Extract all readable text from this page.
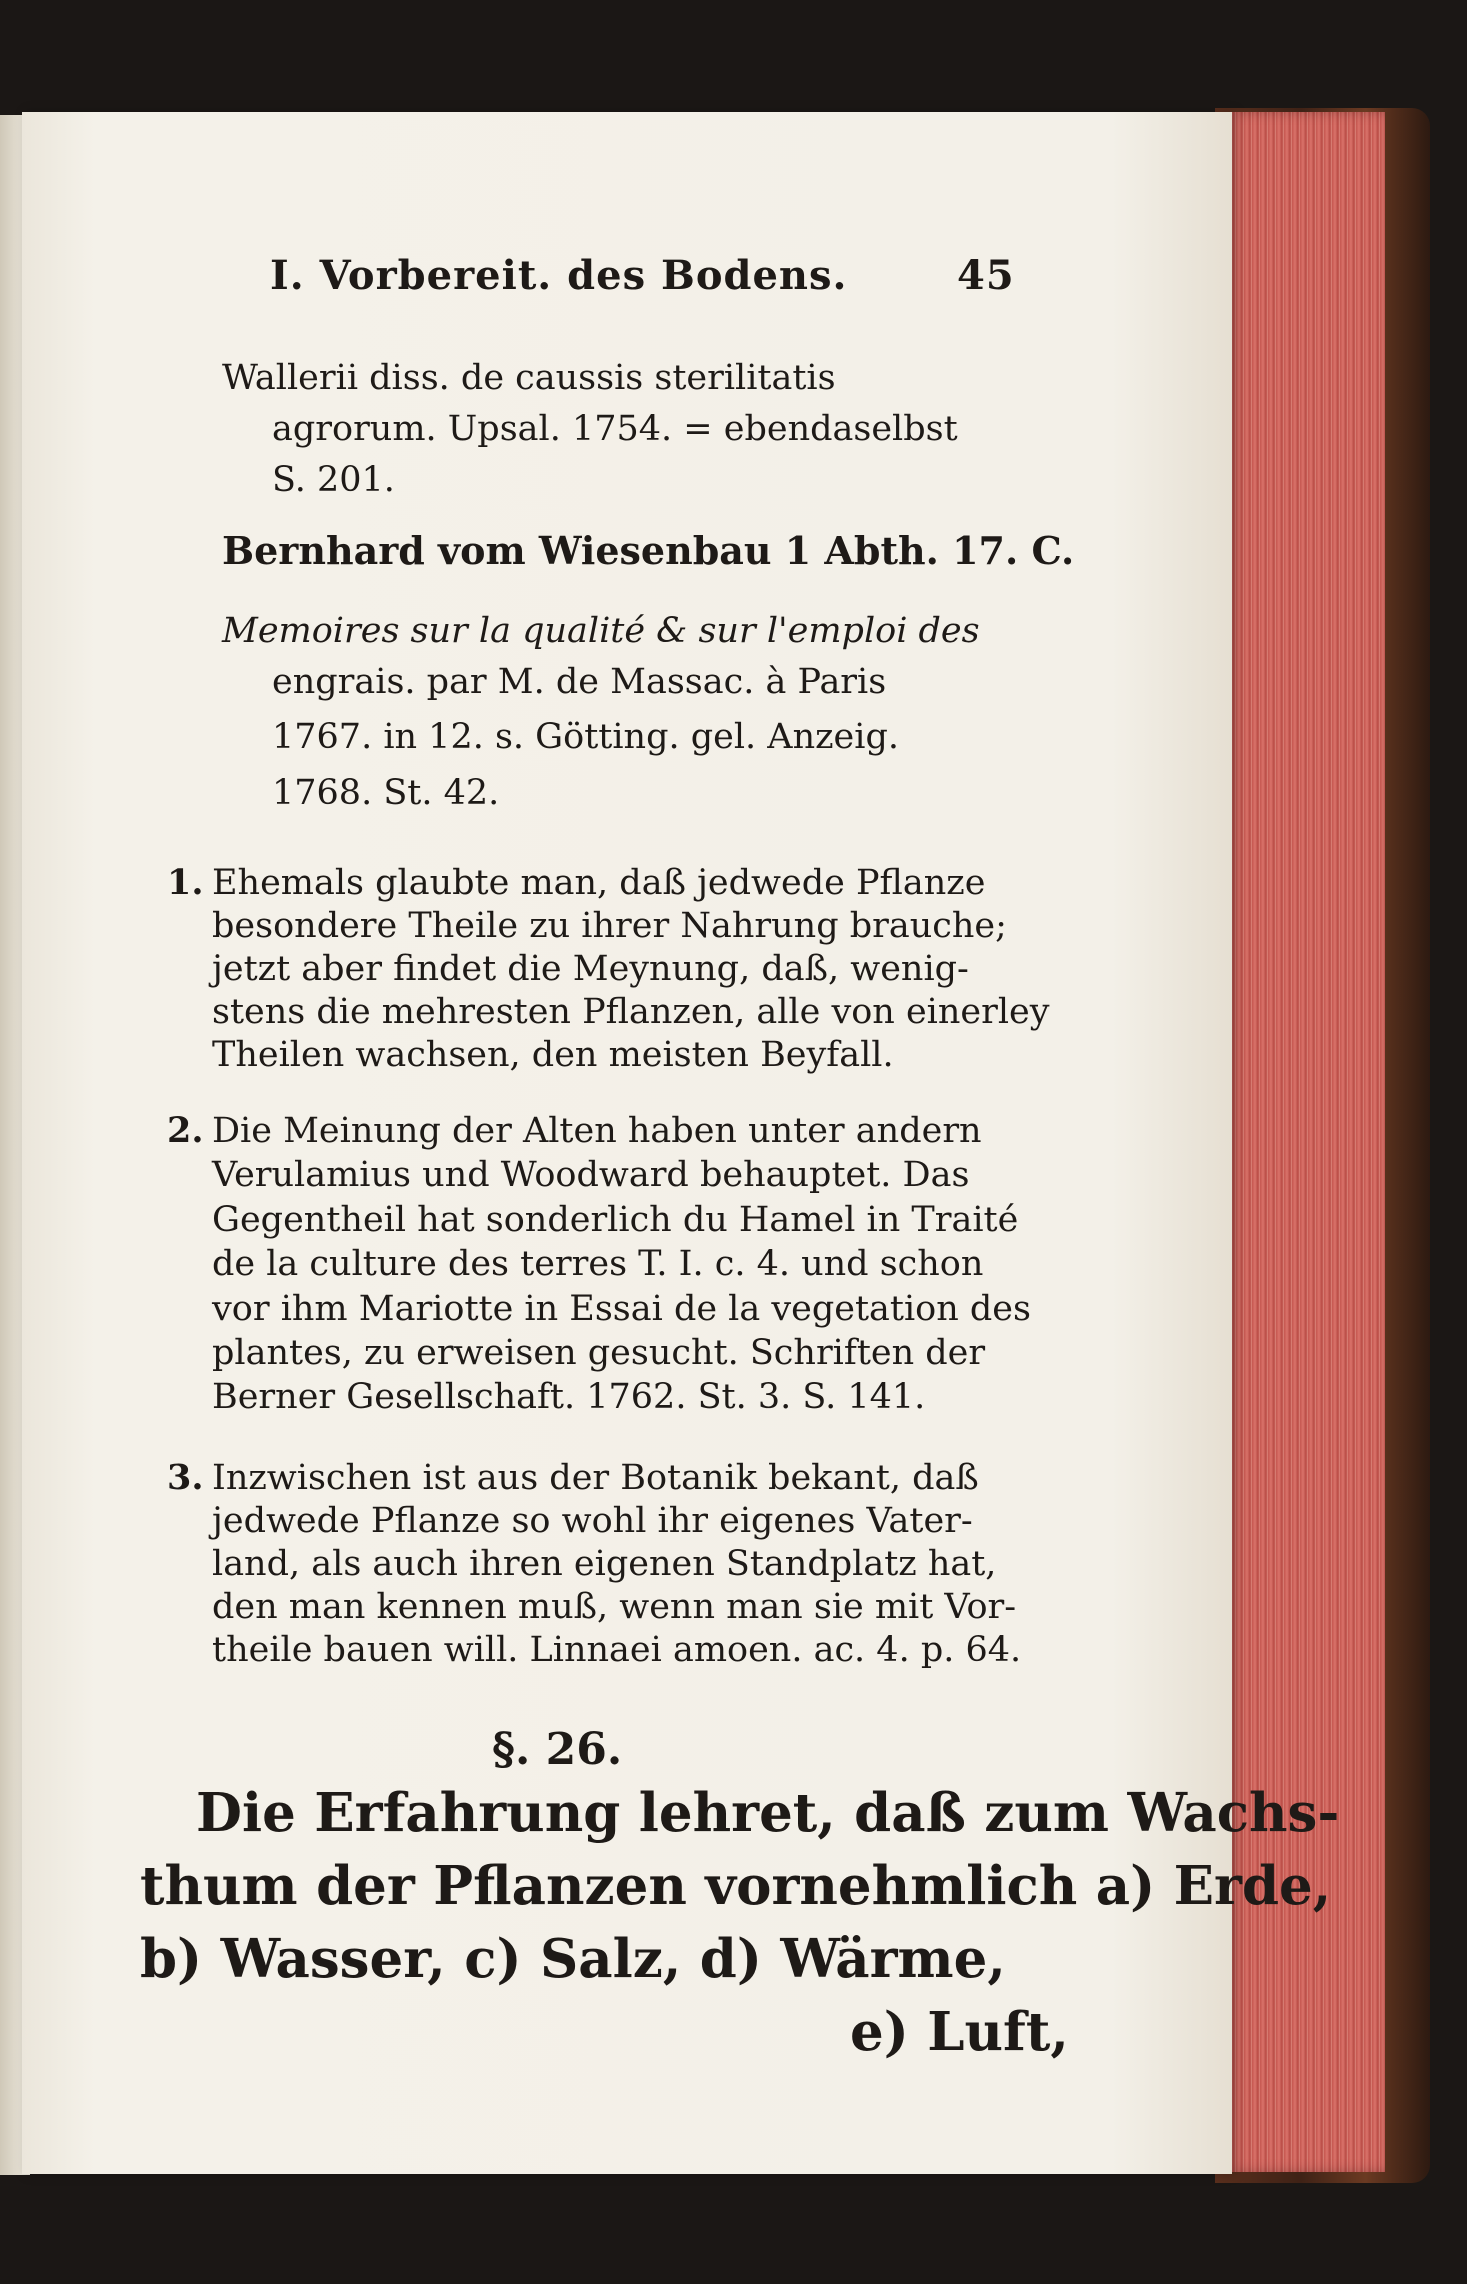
I. Vorbereit. des Bodens.	45
Wallerii diss. de caussis sterilitatis
agrorum. Upsal. 1754. = ebendaselbst
S. 201.
Bernhard vom Wiesenbau 1 Abth. 17. C.
Memoires sur la qualité & sur l'emploi des
engrais. par M. de Massac. à Paris
1767. in 12. s. Götting. gel. Anzeig.
1768. St. 42.
1. Ehemals glaubte man, daß jedwede Pflanze
besondere Theile zu ihrer Nahrung brauche;
jetzt aber findet die Meynung, daß, wenig-
stens die mehresten Pflanzen, alle von einerley
Theilen wachsen, den meisten Beyfall.
2. Die Meinung der Alten haben unter andern
Verulamius und Woodward behauptet. Das
Gegentheil hat sonderlich du Hamel in Traité
de la culture des terres T. I. c. 4. und schon
vor ihm Mariotte in Essai de la vegetation des
plantes, zu erweisen gesucht. Schriften der
Berner Gesellschaft. 1762. St. 3. S. 141.
3. Inzwischen ist aus der Botanik bekant, daß
jedwede Pflanze so wohl ihr eigenes Vater-
land, als auch ihren eigenen Standplatz hat,
den man kennen muß, wenn man sie mit Vor-
theile bauen will. Linnaei amoen. ac. 4. p. 64.
§. 26.
Die Erfahrung lehret, daß zum Wachs-
thum der Pflanzen vornehmlich a) Erde,
b) Wasser, c) Salz, d) Wärme,
e) Luft,
